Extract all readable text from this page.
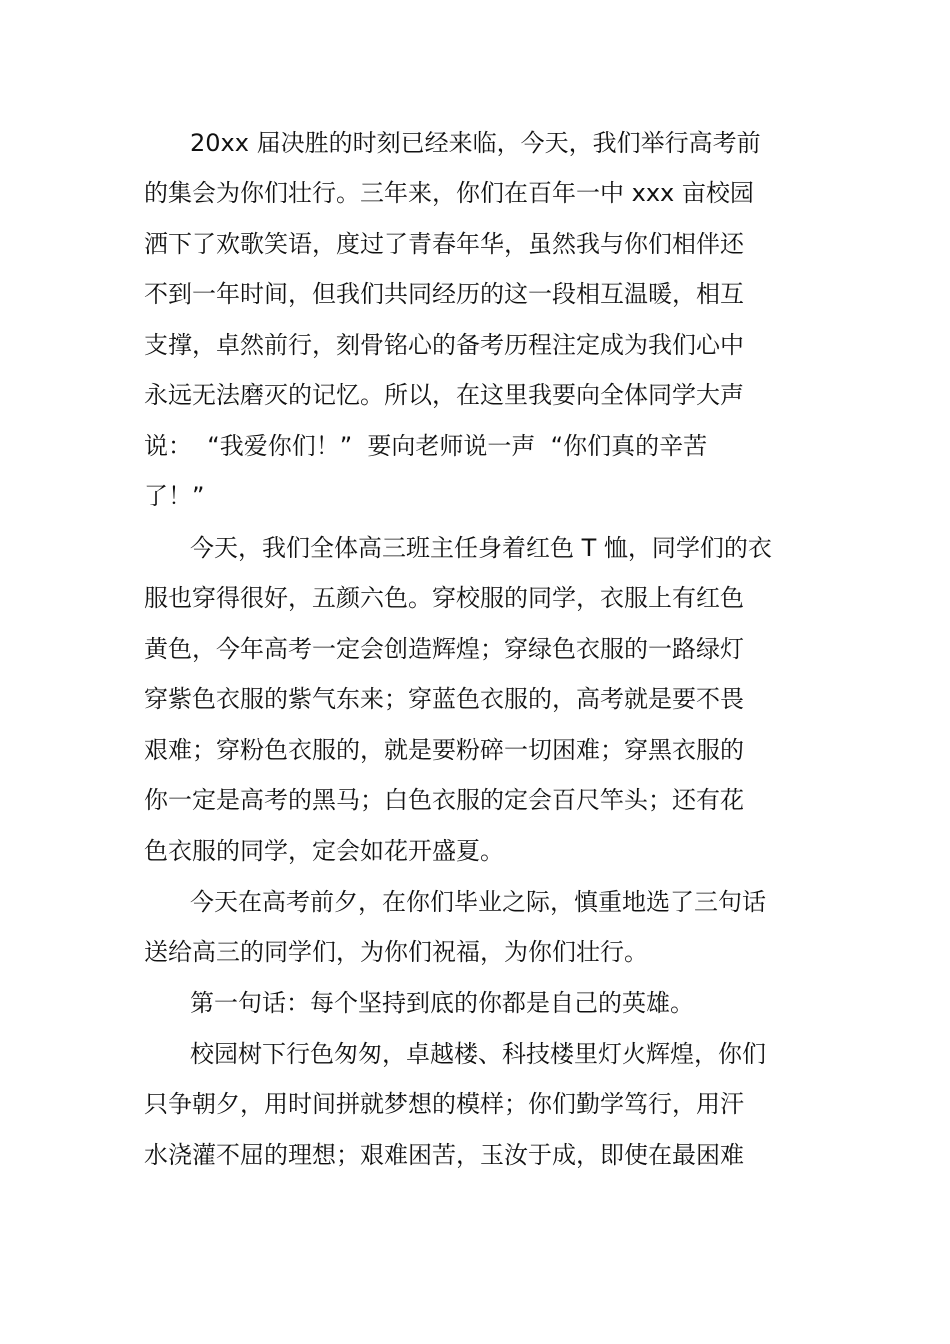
20xx 届决胜的时刻已经来临，今天，我们举行高考前

的集会为你们壮行。三年来，你们在百年一中 xxx 亩校园

洒下了欢歌笑语，度过了青春年华，虽然我与你们相伴还

不到一年时间，但我们共同经历的这一段相互温暖，相互

支撑，卓然前行，刻骨铭心的备考历程注定成为我们心中

永远无法磨灭的记忆。所以，在这里我要向全体同学大声

说：  “我爱你们！”  要向老师说一声  “你们真的辛苦

了！”

今天，我们全体高三班主任身着红色 T 恤，同学们的衣

服也穿得很好，五颜六色。穿校服的同学，衣服上有红色

黄色，今年高考一定会创造辉煌；穿绿色衣服的一路绿灯

穿紫色衣服的紫气东来；穿蓝色衣服的，高考就是要不畏

艰难；穿粉色衣服的，就是要粉碎一切困难；穿黑衣服的

你一定是高考的黑马；白色衣服的定会百尺竿头；还有花

色衣服的同学，定会如花开盛夏。

今天在高考前夕，在你们毕业之际，慎重地选了三句话

送给高三的同学们，为你们祝福，为你们壮行。

第一句话：每个坚持到底的你都是自己的英雄。

校园树下行色匆匆，卓越楼、科技楼里灯火辉煌，你们

只争朝夕，用时间拼就梦想的模样；你们勤学笃行，用汗

水浇灌不屈的理想；艰难困苦，玉汝于成，即使在最困难
